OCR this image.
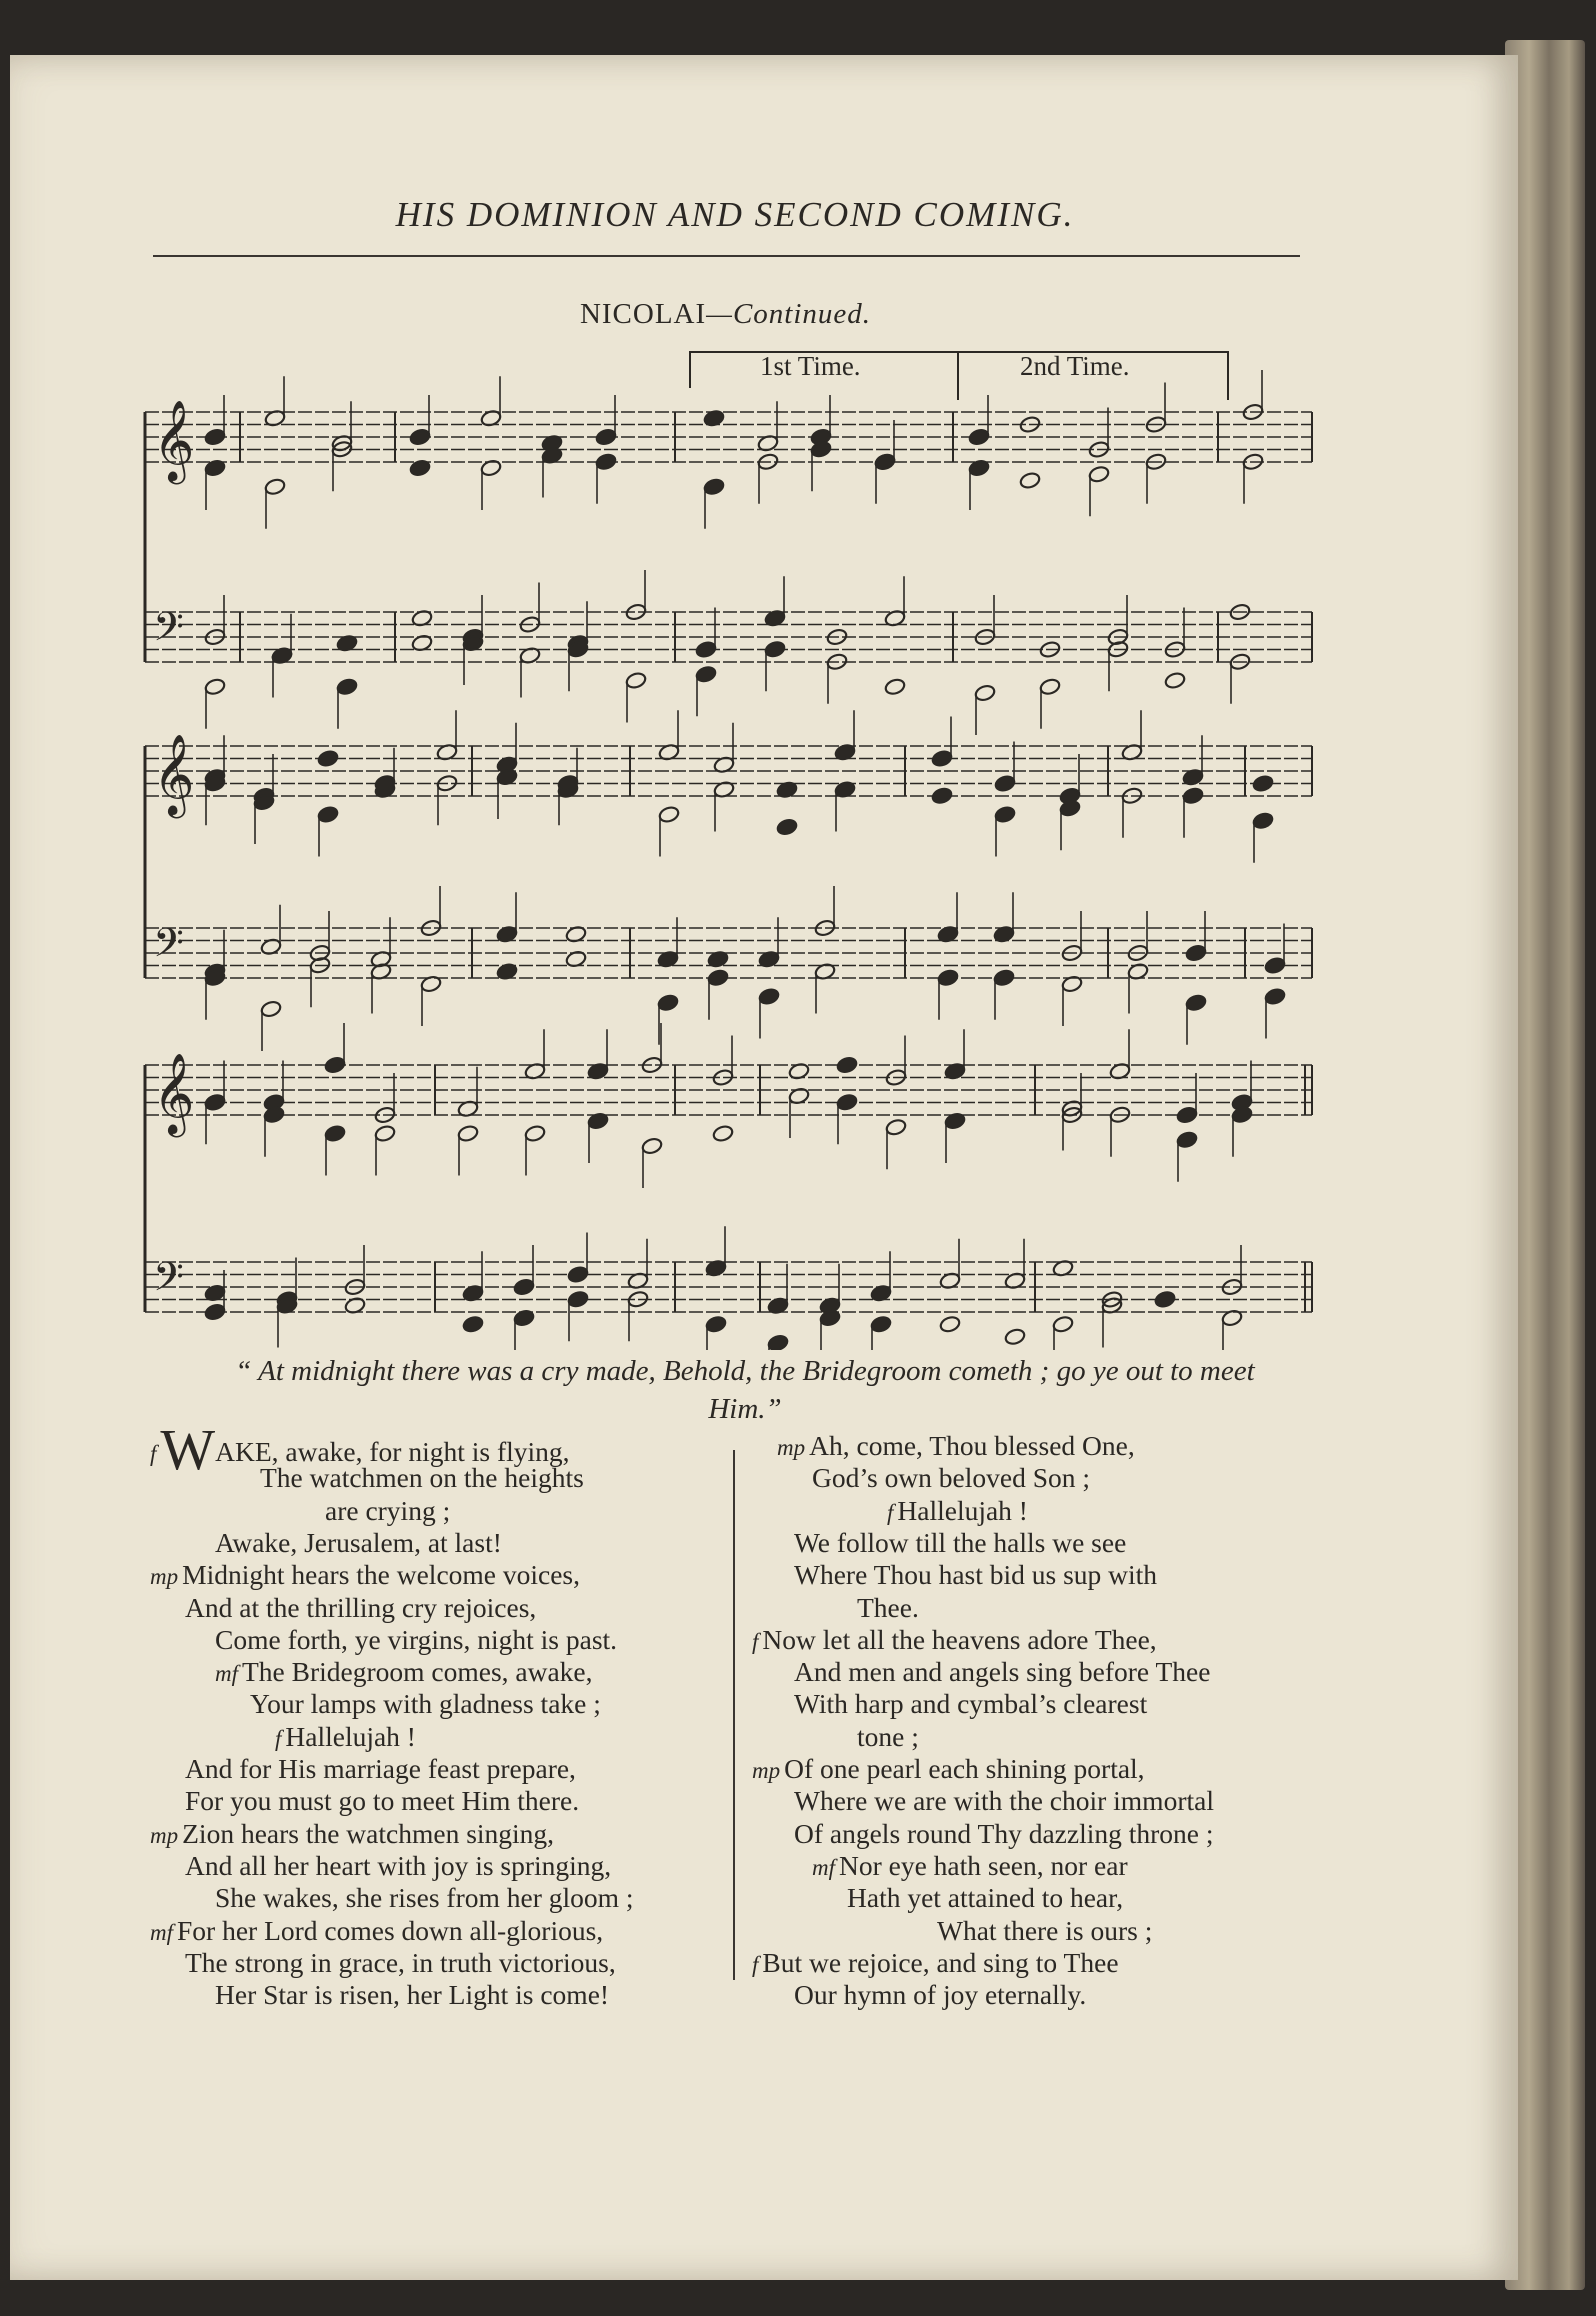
HIS DOMINION AND SECOND COMING.
NICOLAI—Continued.
𝄞
𝄢
𝄞
𝄢
𝄞
𝄢
1st Time.	2nd Time.
“ At midnight there was a cry made, Behold, the Bridegroom cometh ; go ye out to meet Him.”
fWAKE, awake, for night is flying,
The watchmen on the heights
are crying ;
Awake, Jerusalem, at last!
mp Midnight hears the welcome voices,
And at the thrilling cry rejoices,
Come forth, ye virgins, night is past.
mf The Bridegroom comes, awake,
Your lamps with gladness take ;
f Hallelujah !
And for His marriage feast prepare,
For you must go to meet Him there.
mp Zion hears the watchmen singing,
And all her heart with joy is springing,
She wakes, she rises from her gloom ;
mf For her Lord comes down all-glorious,
The strong in grace, in truth victorious,
Her Star is risen, her Light is come!
mp Ah, come, Thou blessed One,
God’s own beloved Son ;
f Hallelujah !
We follow till the halls we see
Where Thou hast bid us sup with
Thee.
f Now let all the heavens adore Thee,
And men and angels sing before Thee
With harp and cymbal’s clearest
tone ;
mp Of one pearl each shining portal,
Where we are with the choir immortal
Of angels round Thy dazzling throne ;
mf Nor eye hath seen, nor ear
Hath yet attained to hear,
What there is ours ;
f But we rejoice, and sing to Thee
Our hymn of joy eternally.
